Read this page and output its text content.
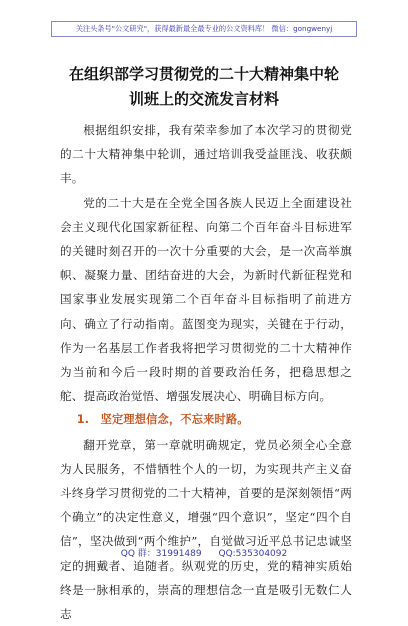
关注头条号"公文研究"，获得最新最全最专业的公文资料库！ 微信：gongwenyj
在组织部学习贯彻党的二十大精神集中轮
训班上的交流发言材料

根据组织安排，我有荣幸参加了本次学习的贯彻党的二十大精神集中轮训，通过培训我受益匪浅、收获颇丰。

党的二十大是在全党全国各族人民迈上全面建设社会主义现代化国家新征程、向第二个百年奋斗目标进军的关键时刻召开的一次十分重要的大会，是一次高举旗帜、凝聚力量、团结奋进的大会，为新时代新征程党和国家事业发展实现第二个百年奋斗目标指明了前进方向、确立了行动指南。蓝图变为现实，关键在于行动，作为一名基层工作者我将把学习贯彻党的二十大精神作为当前和今后一段时期的首要政治任务，把稳思想之舵、提高政治觉悟、增强发展决心、明确目标方向。

1.　坚定理想信念，不忘来时路。

翻开党章，第一章就明确规定，党员必须全心全意为人民服务，不惜牺牲个人的一切，为实现共产主义奋斗终身学习贯彻党的二十大精神，首要的是深刻领悟“两个确立”的决定性意义，增强“四个意识”，坚定“四个自信”，坚决做到“两个维护”，自觉做习近平总书记忠诚坚定的拥戴者、追随者。纵观党的历史，党的精神实质始终是一脉相承的，崇高的理想信念一直是吸引无数仁人志

QQ 群：31991489 QQ:535304092
